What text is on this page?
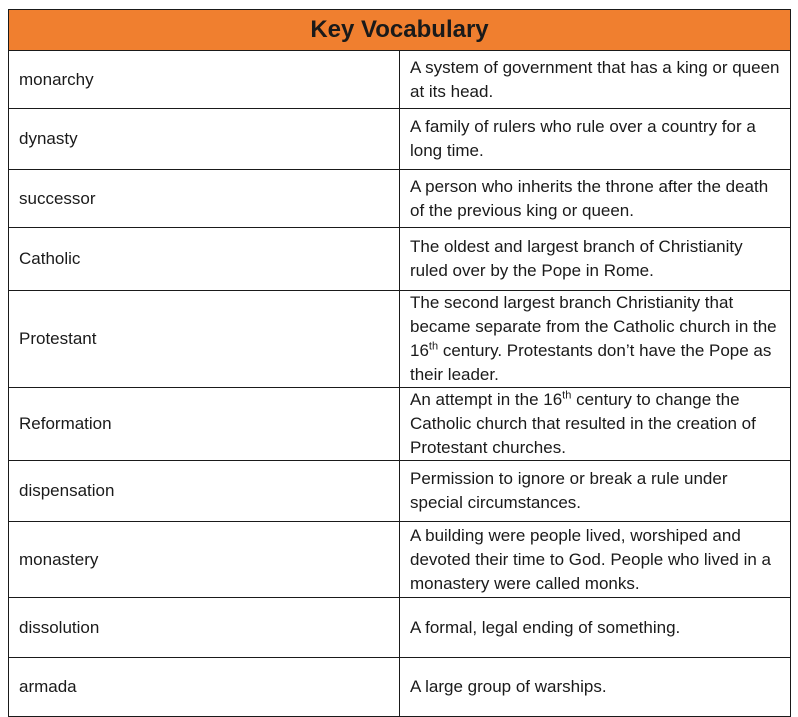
Key Vocabulary	
monarchy	A system of government that has a king or queen at its head.
dynasty	A family of rulers who rule over a country for a long time.
successor	A person who inherits the throne after the death of the previous king or queen.
Catholic	The oldest and largest branch of Christianity ruled over by the Pope in Rome.
Protestant	The second largest branch Christianity that became separate from the Catholic church in the 16th century. Protestants don’t have the Pope as their leader.
Reformation	An attempt in the 16th century to change the Catholic church that resulted in the creation of Protestant churches.
dispensation	Permission to ignore or break a rule under special circumstances.
monastery	A building were people lived, worshiped and devoted their time to God. People who lived in a monastery were called monks.
dissolution	A formal, legal ending of something.
armada	A large group of warships.
